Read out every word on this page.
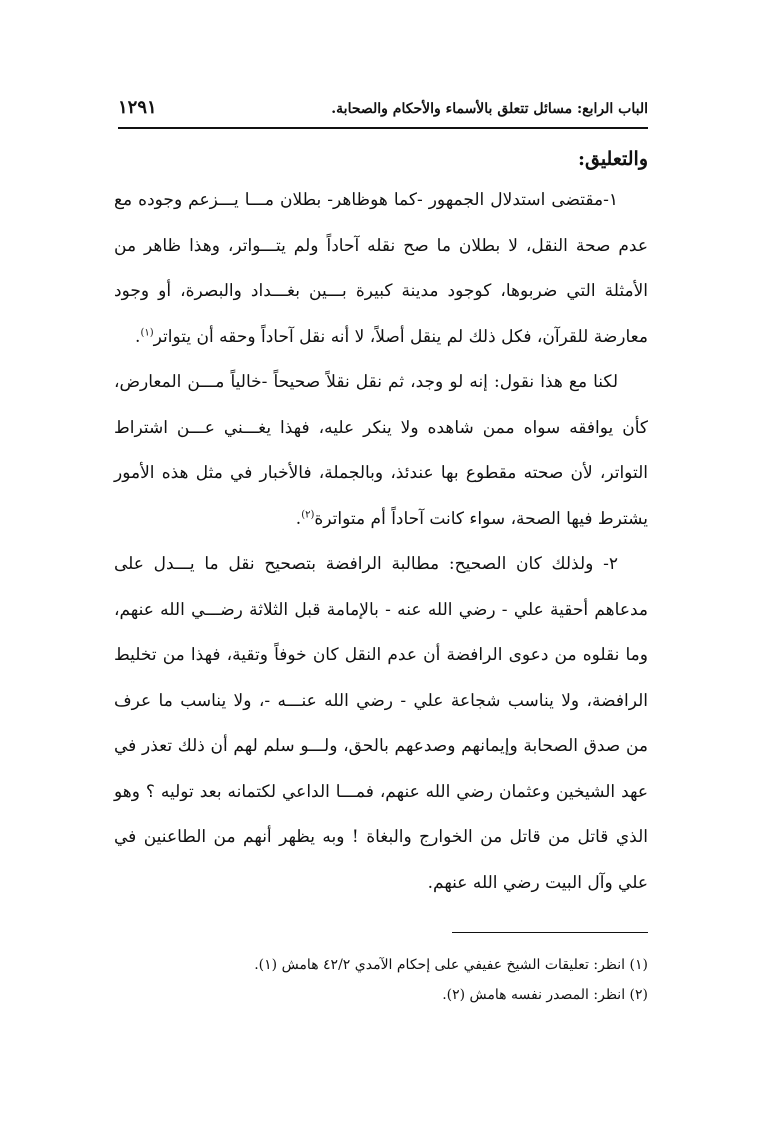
الباب الرابع: مسائل تتعلق بالأسماء والأحكام والصحابة.
١٢٩١
والتعليق:

١-مقتضى استدلال الجمهور -كما هوظاهر- بطلان مـــا يـــزعم وجوده مع عدم صحة النقل، لا بطلان ما صح نقله آحاداً ولم يتـــواتر، وهذا ظاهر من الأمثلة التي ضربوها، كوجود مدينة كبيرة بـــين بغـــداد والبصرة، أو وجود معارضة للقرآن، فكل ذلك لم ينقل أصلاً، لا أنه نقل آحاداً وحقه أن يتواتر$^{(١)}$.

لكنا مع هذا نقول: إنه لو وجد، ثم نقل نقلاً صحيحاً -خالياً مـــن المعارض، كأن يوافقه سواه ممن شاهده ولا ينكر عليه، فهذا يغـــني عـــن اشتراط التواتر، لأن صحته مقطوع بها عندئذ، وبالجملة، فالأخبار في مثل هذه الأمور يشترط فيها الصحة، سواء كانت آحاداً أم متواترة$^{(٢)}$.

٢- ولذلك كان الصحيح: مطالبة الرافضة بتصحيح نقل ما يـــدل على مدعاهم أحقية علي - رضي الله عنه - بالإمامة قبل الثلاثة رضـــي الله عنهم، وما نقلوه من دعوى الرافضة أن عدم النقل كان خوفاً وتقية، فهذا من تخليط الرافضة، ولا يناسب شجاعة علي - رضي الله عنـــه -، ولا يناسب ما عرف من صدق الصحابة وإيمانهم وصدعهم بالحق، ولـــو سلم لهم أن ذلك تعذر في عهد الشيخين وعثمان رضي الله عنهم، فمـــا الداعي لكتمانه بعد توليه ؟ وهو الذي قاتل من قاتل من الخوارج والبغاة ! وبه يظهر أنهم من الطاعنين في علي وآل البيت رضي الله عنهم.

(١) انظر: تعليقات الشيخ عفيفي على إحكام الآمدي ٤٢/٢ هامش (١).

(٢) انظر: المصدر نفسه هامش (٢).
